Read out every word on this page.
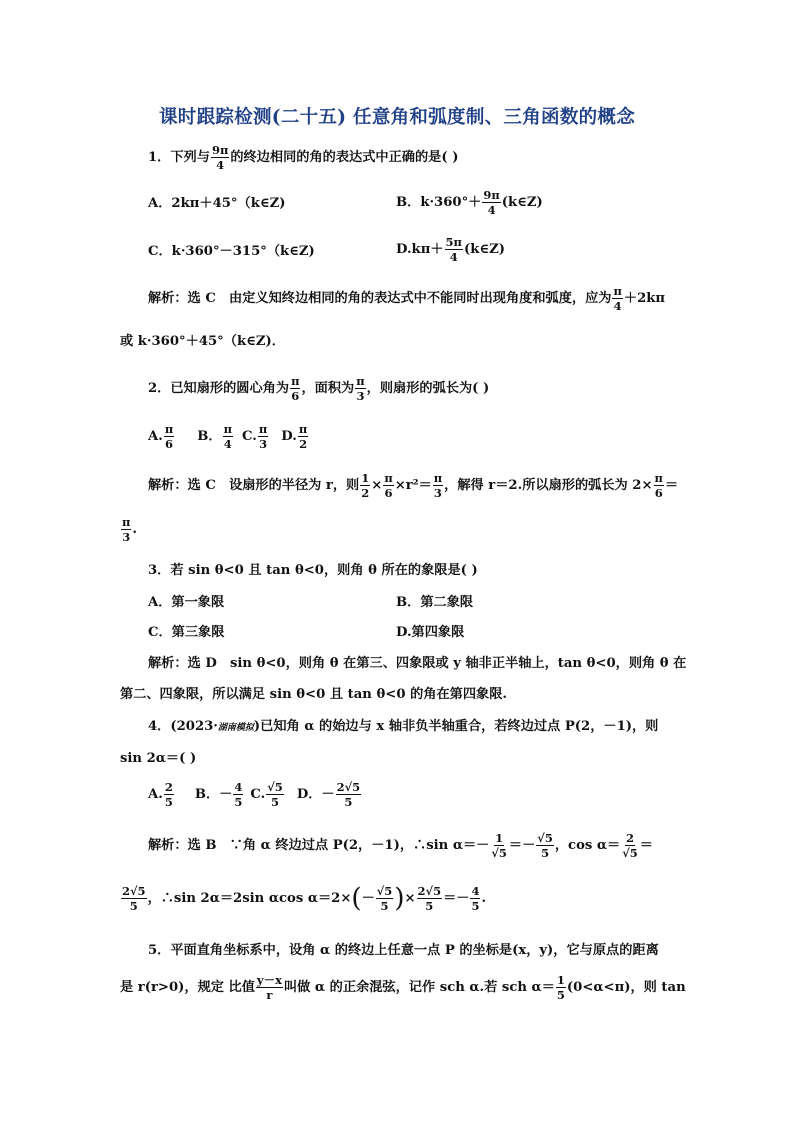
课时跟踪检测(二十五) 任意角和弧度制、三角函数的概念
1．下列与 $\frac{9\pi}{4}$ 的终边相同的角的表达式中正确的是( )
A．2kπ＋45°（k∈Z)	B．$k\cdot 360^\circ+ \frac{9\pi}{4}$ (k∈Z)
C．k·360°－315°（k∈Z)	$D.k\pi+ \frac{5\pi}{4}$ (k∈Z)
解析：选 C　由定义知终边相同的角的表达式中不能同时出现角度和弧度，应为 $\frac{\pi}{4} +2k\pi$
或 k·360°＋45°（k∈Z)．
2．已知扇形的圆心角为 $\frac{\pi}{6}$ ，面积为 $\frac{\pi}{3}$ ，则扇形的弧长为( )
A. $\frac{\pi}{6}$ B． $\frac{\pi}{4} C$. $\frac{\pi}{3} D$. $\frac{\pi}{2}$
解析：选 C　设扇形的半径为 r，则 $\frac{1}{2} \times \frac{\pi}{6} \times r^2= \frac{\pi}{3}$ ，解得 r＝2.所以扇形的弧长为 $2\times \frac{\pi}{6}$ ＝
$\frac{\pi}{3}$ .
3．若 sin θ<0 且 tan θ<0，则角 θ 所在的象限是( )
A．第一象限	B．第二象限
C．第三象限	D.第四象限
解析：选 D　sin θ<0，则角 θ 在第三、四象限或 y 轴非正半轴上，tan θ<0，则角 θ 在
第二、四象限，所以满足 sin θ<0 且 tan θ<0 的角在第四象限.
4．(2023·湖南模拟)已知角 α 的始边与 x 轴非负半轴重合，若终边过点 P(2，－1)，则
sin 2α＝( )
A. $\frac{2}{5}$ B．－ $\frac{4}{5} C$. $\frac{√5}{5}$ D．－ $\frac{2√5}{5}$
解析：选 B　∵角 α 终边过点 P(2，－1)，∴sin $\alpha=- \frac{1}{√5} =- \frac{√5}{5}$ ，$\cos \alpha= \frac{2}{√5}$ ＝
$\frac{2√5}{5}$ ，∴sin 2α＝2sin αcos $\alpha=2\times(- \frac{√5}{5}$ )× $\frac{2√5}{5} =- \frac{4}{5}$ .
5．平面直角坐标系中，设角 α 的终边上任意一点 P 的坐标是(x，y)，它与原点的距离
是 r(r>0)，规定 比值 $\frac{y-x}{r}$ 叫做 α 的正余混弦，记作 sch α.若 sch $\alpha= \frac{1}{5} (0<\alpha<\pi)$，则 tan
